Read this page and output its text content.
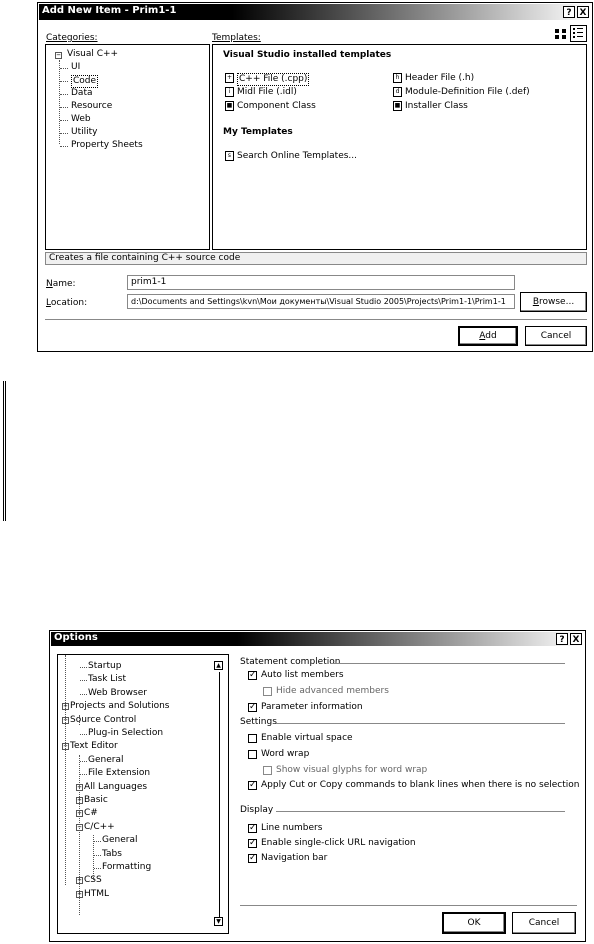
Add New Item - Prim1-1	? X
Categories:	Templates:
− Visual C++
UI
Code
Data
Resource
Web
Utility
Property Sheets
Visual Studio installed templates
+ C++ File (.cpp)
i Midl File (.idl)
■ Component Class
h Header File (.h)
d Module-Definition File (.def)
■ Installer Class
My Templates
s Search Online Templates...
Creates a file containing C++ source code
Name:	prim1-1
Location:	d:\Documents and Settings\kvn\Мои документы\Visual Studio 2005\Projects\Prim1-1\Prim1-1	Browse...
Add	Cancel
Options	? X
Startup
Task List
Web Browser
+ Projects and Solutions
− Source Control
Plug-in Selection
− Text Editor
General
File Extension
+ All Languages
+ Basic
+ C#
− C/C++
General
Tabs
Formatting
+ CSS
+ HTML
▲
▼
Statement completion
✓ Auto list members
Hide advanced members
✓ Parameter information
Settings
Enable virtual space
Word wrap
Show visual glyphs for word wrap
✓ Apply Cut or Copy commands to blank lines when there is no selection
Display
✓ Line numbers
✓ Enable single-click URL navigation
✓ Navigation bar
OK	Cancel
